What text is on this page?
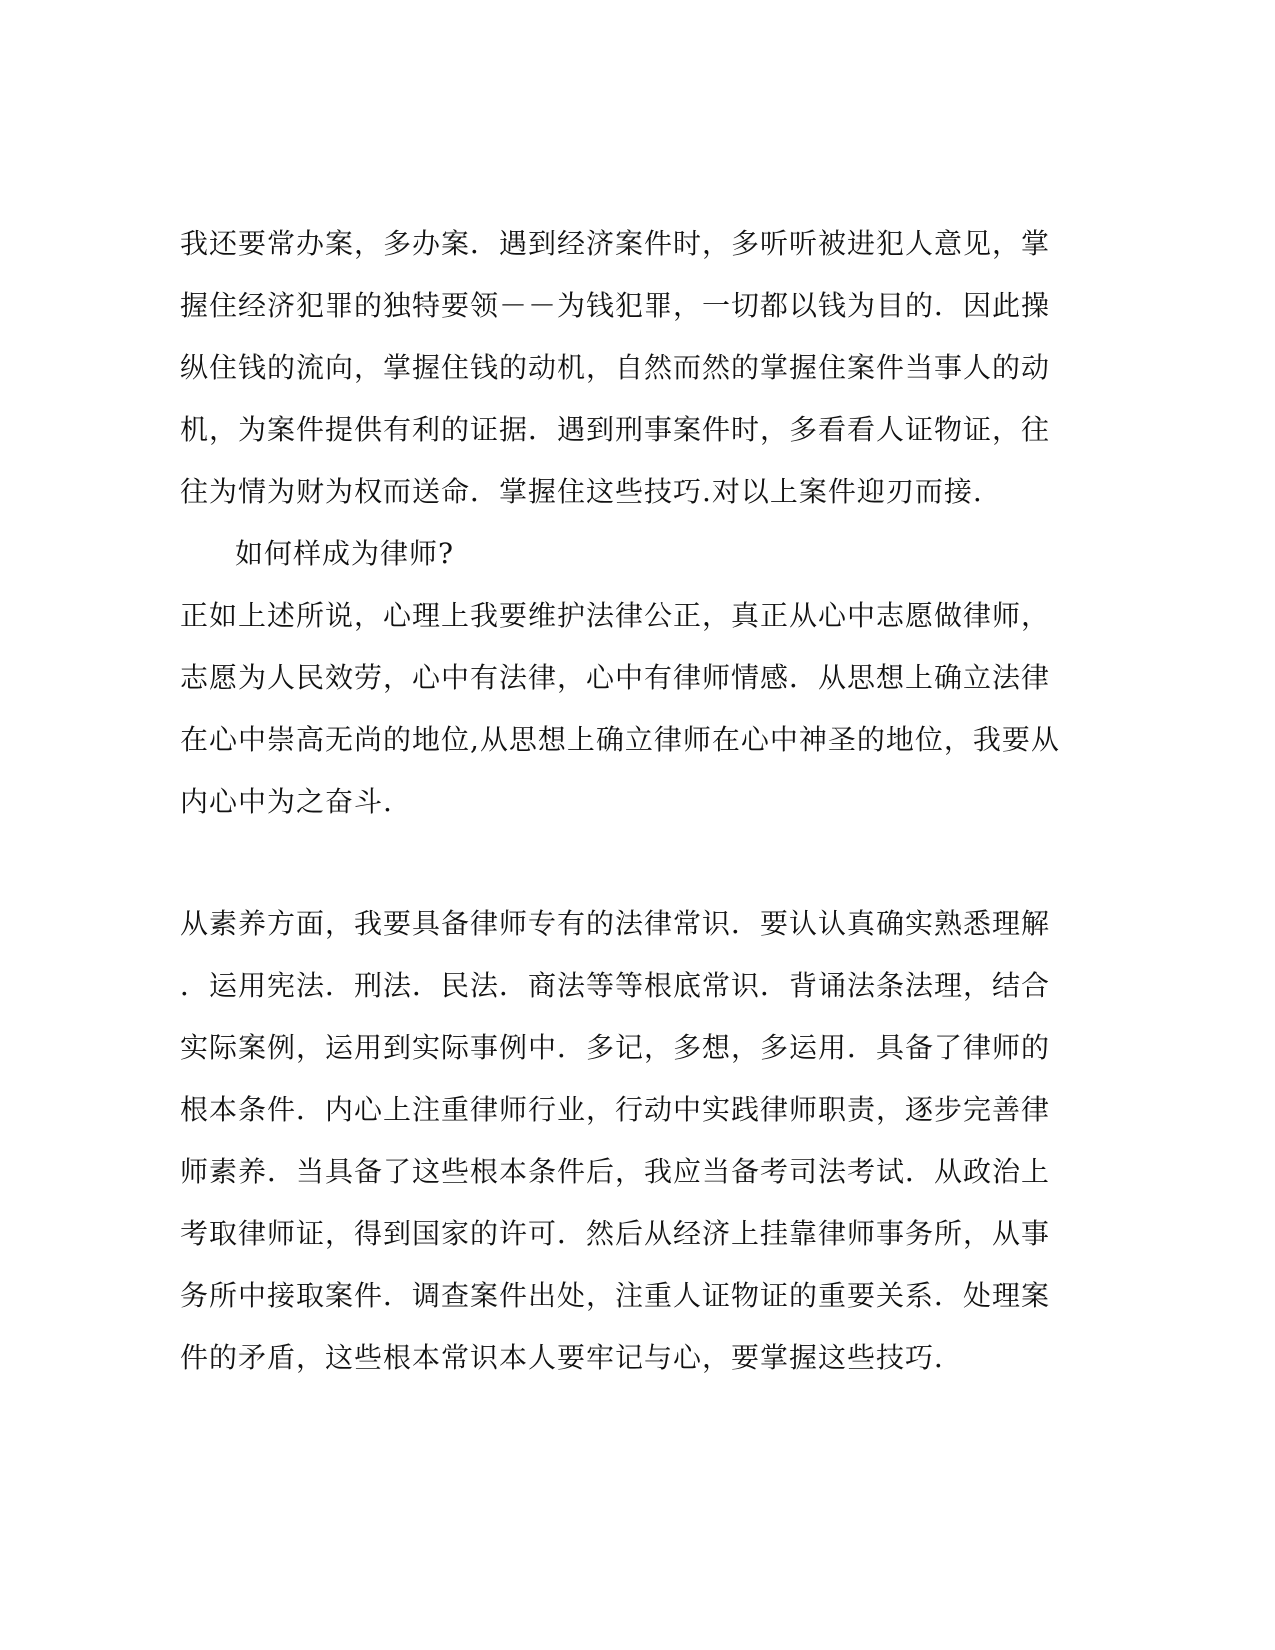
我还要常办案，多办案．遇到经济案件时，多听听被进犯人意见，掌

握住经济犯罪的独特要领－－为钱犯罪，一切都以钱为目的．因此操

纵住钱的流向，掌握住钱的动机，自然而然的掌握住案件当事人的动

机，为案件提供有利的证据．遇到刑事案件时，多看看人证物证，往

往为情为财为权而送命．掌握住这些技巧.对以上案件迎刃而接.

如何样成为律师?

正如上述所说，心理上我要维护法律公正，真正从心中志愿做律师，

志愿为人民效劳，心中有法律，心中有律师情感．从思想上确立法律

在心中崇高无尚的地位,从思想上确立律师在心中神圣的地位，我要从

内心中为之奋斗.

从素养方面，我要具备律师专有的法律常识．要认认真确实熟悉理解

．运用宪法．刑法．民法．商法等等根底常识．背诵法条法理，结合

实际案例，运用到实际事例中．多记，多想，多运用．具备了律师的

根本条件．内心上注重律师行业，行动中实践律师职责，逐步完善律

师素养．当具备了这些根本条件后，我应当备考司法考试．从政治上

考取律师证，得到国家的许可．然后从经济上挂靠律师事务所，从事

务所中接取案件．调查案件出处，注重人证物证的重要关系．处理案

件的矛盾，这些根本常识本人要牢记与心，要掌握这些技巧．
